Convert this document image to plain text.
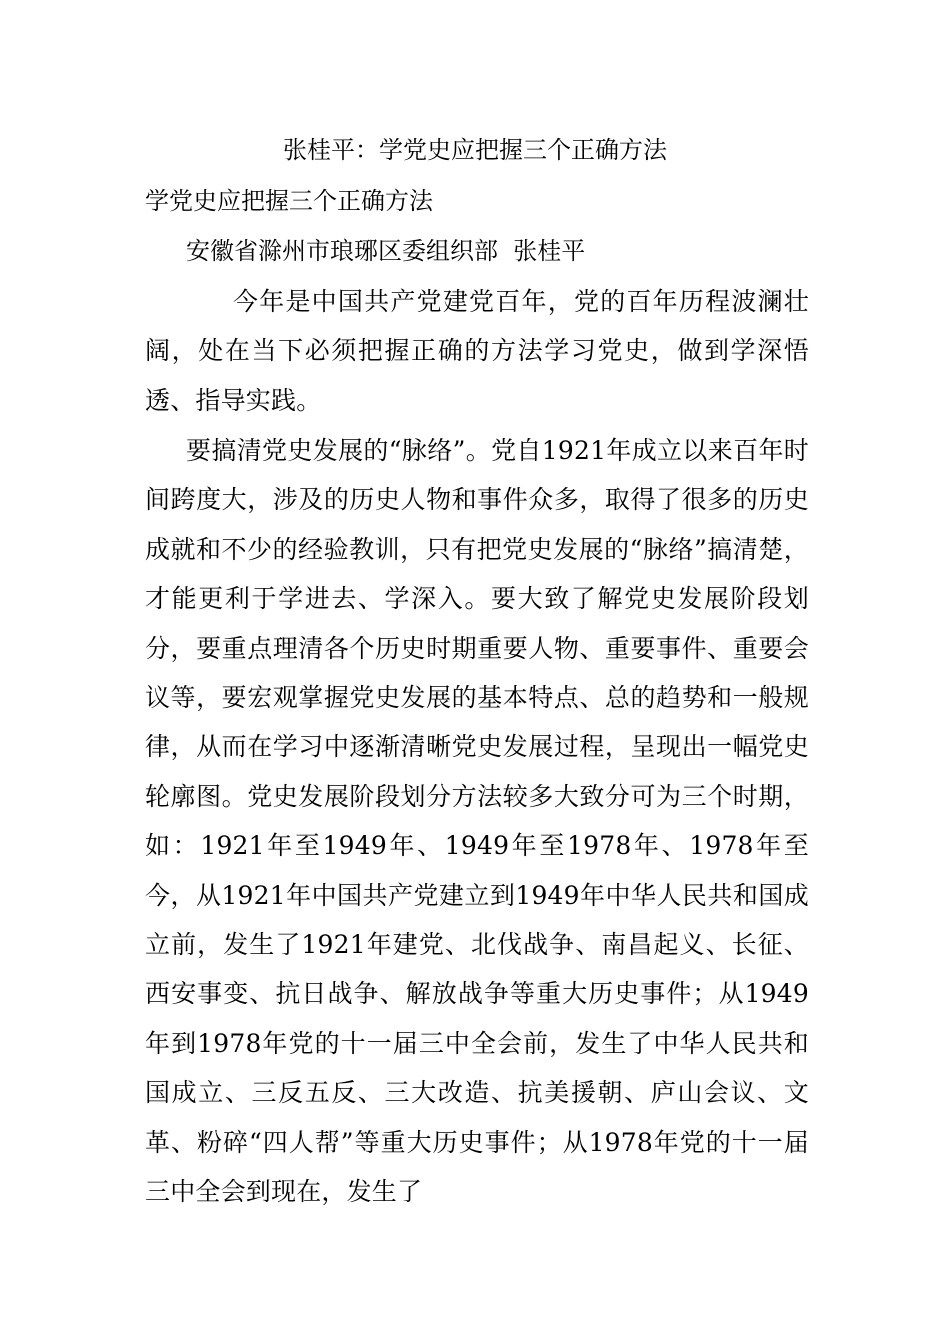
张桂平：学党史应把握三个正确方法
学党史应把握三个正确方法

安徽省滁州市琅琊区委组织部  张桂平

今年是中国共产党建党百年，党的百年历程波澜壮阔，处在当下必须把握正确的方法学习党史，做到学深悟透、指导实践。

要搞清党史发展的“脉络”。党自1921年成立以来百年时间跨度大，涉及的历史人物和事件众多，取得了很多的历史成就和不少的经验教训，只有把党史发展的“脉络”搞清楚，才能更利于学进去、学深入。要大致了解党史发展阶段划分，要重点理清各个历史时期重要人物、重要事件、重要会议等，要宏观掌握党史发展的基本特点、总的趋势和一般规律，从而在学习中逐渐清晰党史发展过程，呈现出一幅党史轮廓图。党史发展阶段划分方法较多大致分可为三个时期，如：1921年至1949年、1949年至1978年、1978年至今，从1921年中国共产党建立到1949年中华人民共和国成立前，发生了1921年建党、北伐战争、南昌起义、长征、西安事变、抗日战争、解放战争等重大历史事件；从1949年到1978年党的十一届三中全会前，发生了中华人民共和国成立、三反五反、三大改造、抗美援朝、庐山会议、文革、粉碎“四人帮”等重大历史事件；从1978年党的十一届三中全会到现在，发生了
